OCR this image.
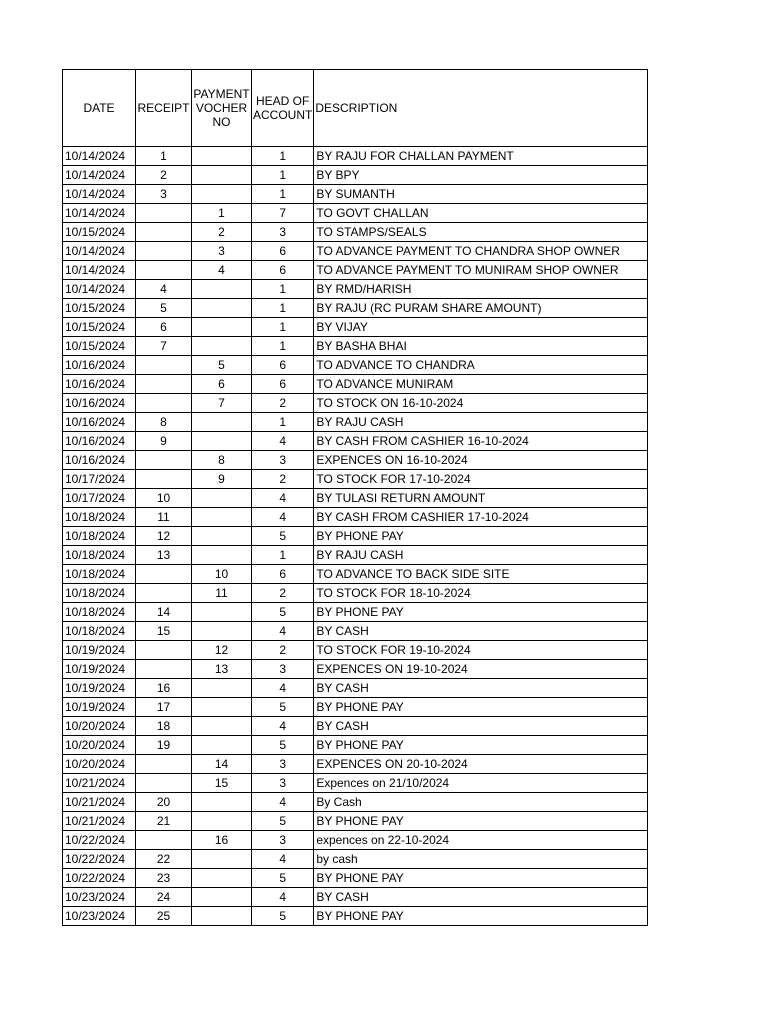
DATE	RECEIPT	PAYMENT VOCHER NO	HEAD OF ACCOUNT	DESCRIPTION
10/14/2024	1		1	BY RAJU FOR CHALLAN PAYMENT
10/14/2024	2		1	BY BPY
10/14/2024	3		1	BY SUMANTH
10/14/2024		1	7	TO GOVT CHALLAN
10/15/2024		2	3	TO STAMPS/SEALS
10/14/2024		3	6	TO ADVANCE PAYMENT TO CHANDRA SHOP OWNER
10/14/2024		4	6	TO ADVANCE PAYMENT TO MUNIRAM SHOP OWNER
10/14/2024	4		1	BY RMD/HARISH
10/15/2024	5		1	BY RAJU (RC PURAM SHARE AMOUNT)
10/15/2024	6		1	BY VIJAY
10/15/2024	7		1	BY BASHA BHAI
10/16/2024		5	6	TO ADVANCE TO CHANDRA
10/16/2024		6	6	TO ADVANCE MUNIRAM
10/16/2024		7	2	TO STOCK ON 16-10-2024
10/16/2024	8		1	BY RAJU CASH
10/16/2024	9		4	BY CASH FROM CASHIER 16-10-2024
10/16/2024		8	3	EXPENCES ON 16-10-2024
10/17/2024		9	2	TO STOCK FOR 17-10-2024
10/17/2024	10		4	BY TULASI RETURN AMOUNT
10/18/2024	11		4	BY CASH FROM CASHIER 17-10-2024
10/18/2024	12		5	BY PHONE PAY
10/18/2024	13		1	BY RAJU CASH
10/18/2024		10	6	TO ADVANCE TO BACK SIDE SITE
10/18/2024		11	2	TO STOCK FOR 18-10-2024
10/18/2024	14		5	BY PHONE PAY
10/18/2024	15		4	BY CASH
10/19/2024		12	2	TO STOCK FOR 19-10-2024
10/19/2024		13	3	EXPENCES ON 19-10-2024
10/19/2024	16		4	BY CASH
10/19/2024	17		5	BY PHONE PAY
10/20/2024	18		4	BY CASH
10/20/2024	19		5	BY PHONE PAY
10/20/2024		14	3	EXPENCES ON 20-10-2024
10/21/2024		15	3	Expences on 21/10/2024
10/21/2024	20		4	By Cash
10/21/2024	21		5	BY PHONE PAY
10/22/2024		16	3	expences on 22-10-2024
10/22/2024	22		4	by cash
10/22/2024	23		5	BY PHONE PAY
10/23/2024	24		4	BY CASH
10/23/2024	25		5	BY PHONE PAY
